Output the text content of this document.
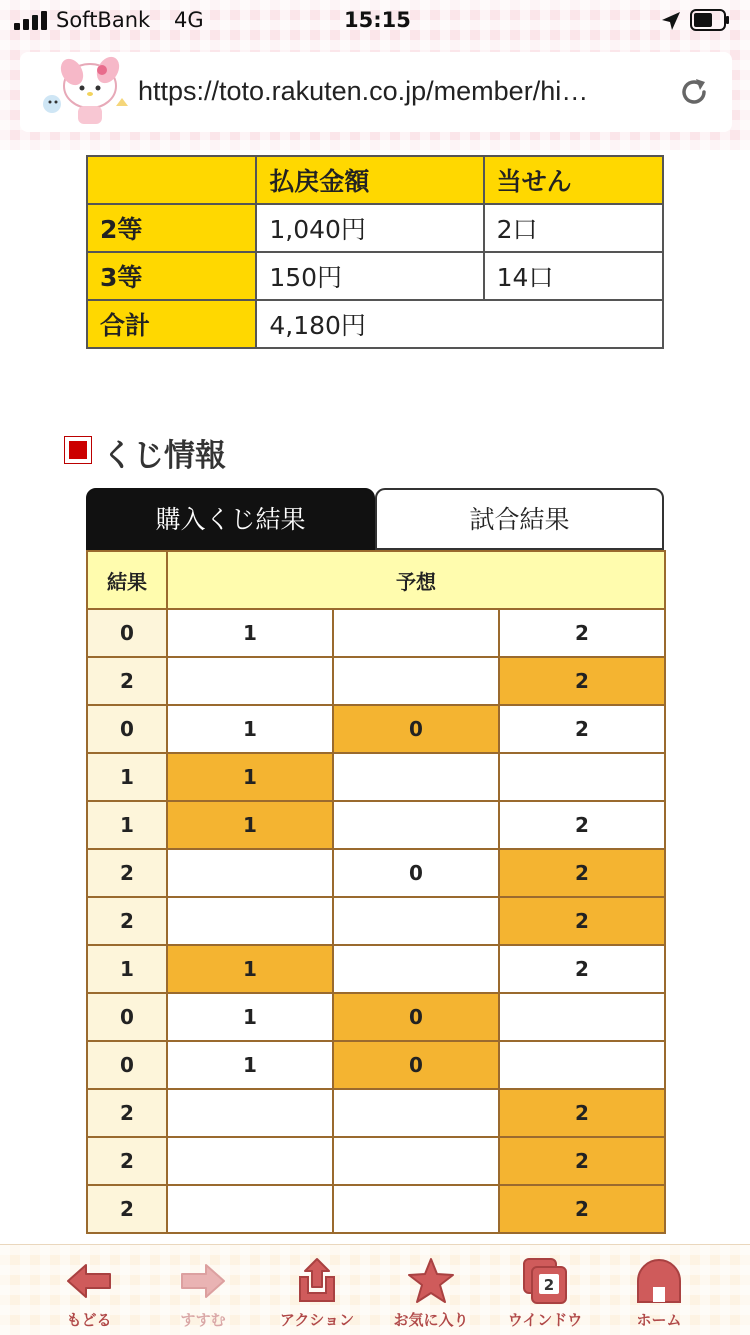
SoftBank 4G	15:15
https://toto.rakuten.co.jp/member/hi…
	払戻金額	当せん
2等	1,040円	2口
3等	150円	14口
合計	4,180円	
くじ情報
購入くじ結果	試合結果
結果	予想		
0	1		2
2			2
0	1	0	2
1	1		
1	1		2
2		0	2
2			2
1	1		2
0	1	0	
0	1	0	
2			2
2			2
2			2
もどる	すすむ	アクション	お気に入り
2
ウインドウ	ホーム
